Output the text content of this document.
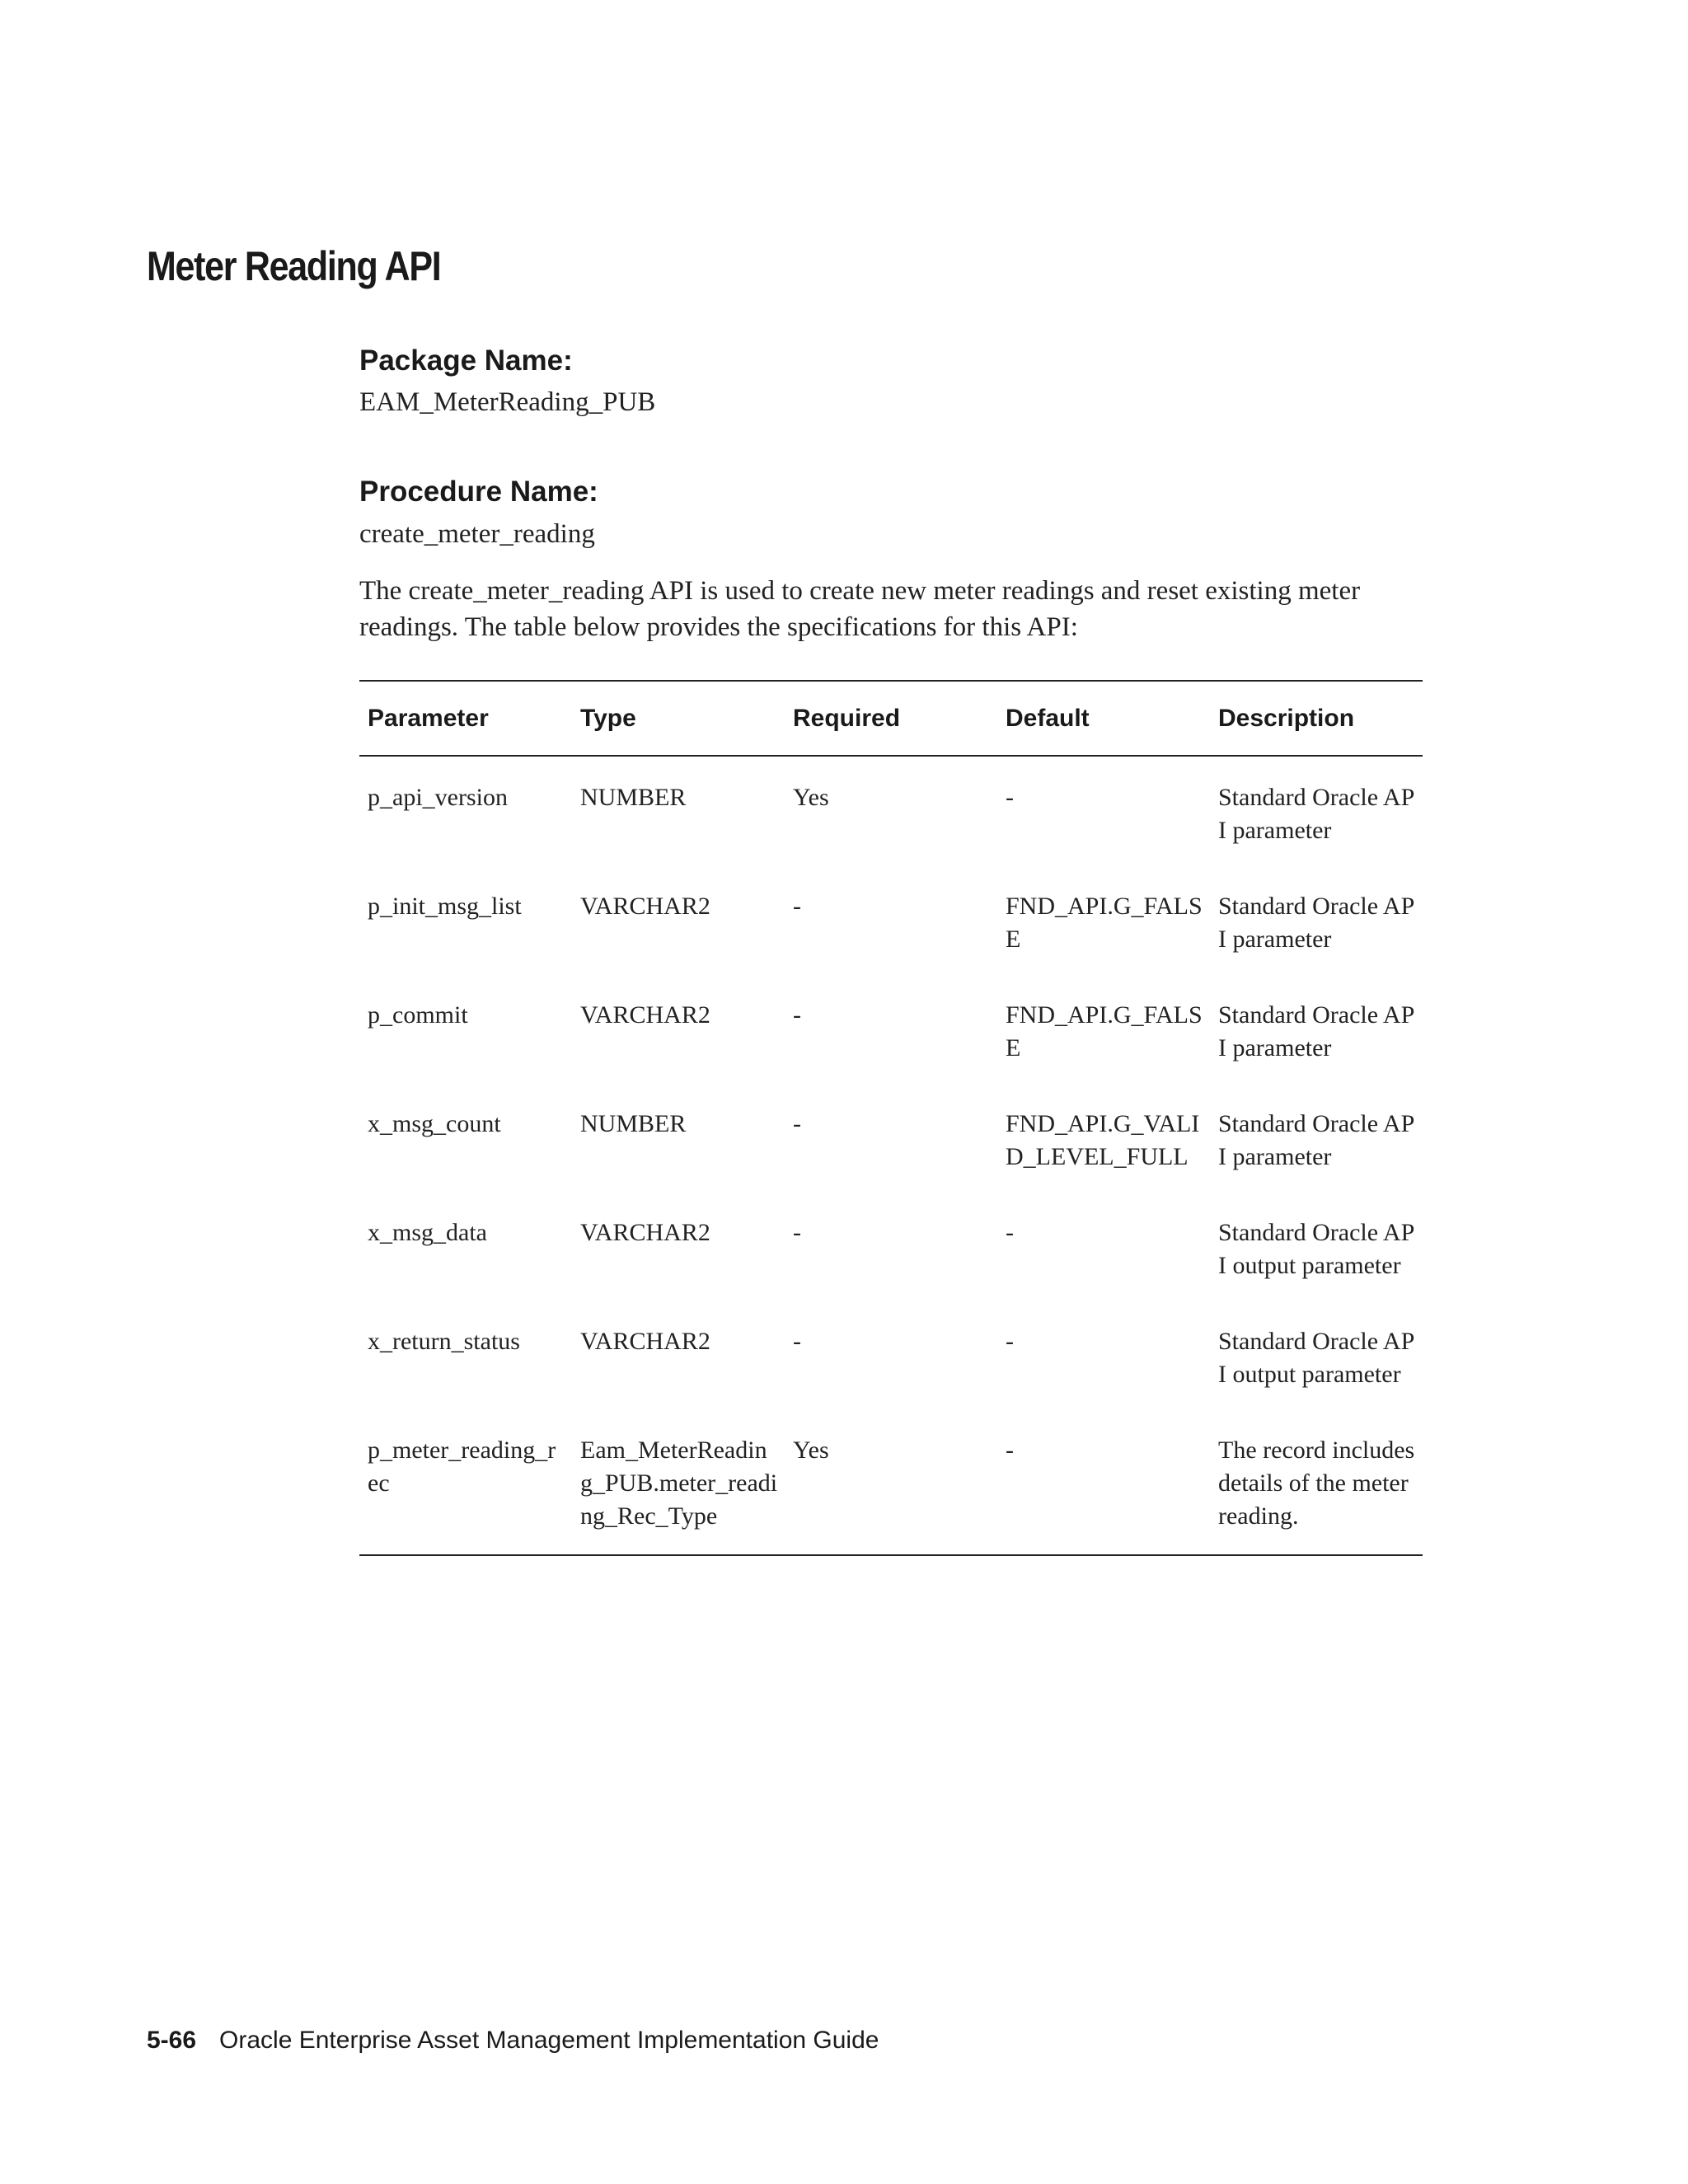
Meter Reading API
Package Name:

EAM_MeterReading_PUB

Procedure Name:

create_meter_reading

The create_meter_reading API is used to create new meter readings and reset existing meter readings. The table below provides the specifications for this API:

Parameter	Type	Required	Default	Description
p_api_version	NUMBER	Yes	-	Standard Oracle API parameter
p_init_msg_list	VARCHAR2	-	FND_API.G_FALSE	Standard Oracle API parameter
p_commit	VARCHAR2	-	FND_API.G_FALSE	Standard Oracle API parameter
x_msg_count	NUMBER	-	FND_API.G_VALID_LEVEL_FULL	Standard Oracle API parameter
x_msg_data	VARCHAR2	-	-	Standard Oracle API output parameter
x_return_status	VARCHAR2	-	-	Standard Oracle API output parameter
p_meter_reading_rec	Eam_MeterReading_PUB.meter_reading_Rec_Type	Yes	-	The record includes details of the meter reading.

5-66 Oracle Enterprise Asset Management Implementation Guide
